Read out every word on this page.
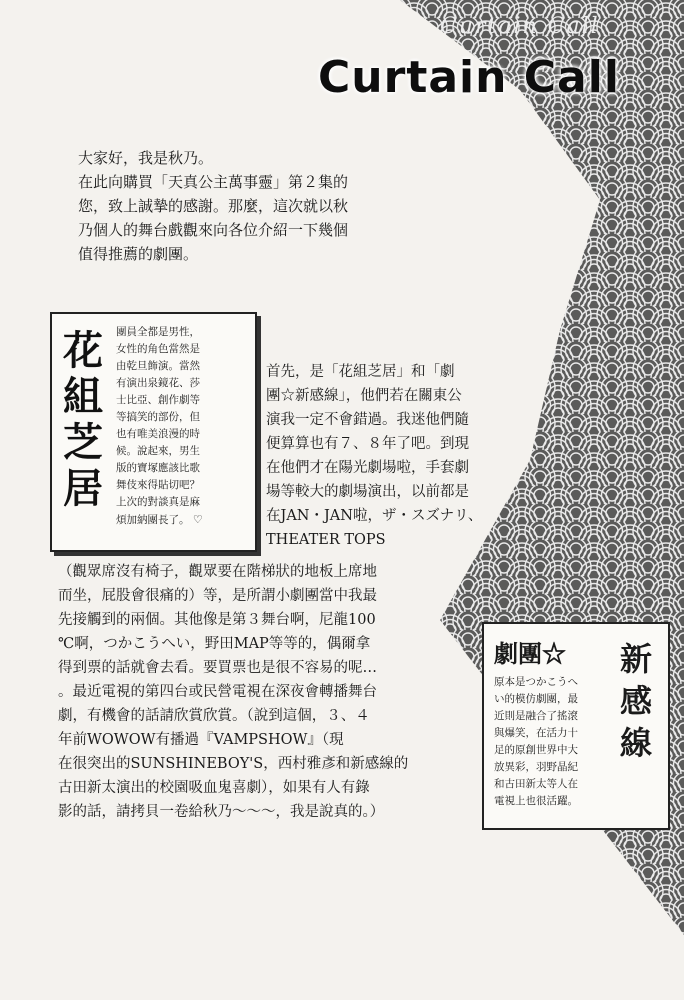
Curtain Call
Curtain Call

大家好，我是秋乃。

在此向購買「天真公主萬事靈」第２集的

您，致上誠摯的感謝。那麼，這次就以秋

乃個人的舞台戲觀來向各位介紹一下幾個

值得推薦的劇團。

花
組
芝
居
團員全都是男性，
女性的角色當然是
由乾旦飾演。當然
有演出泉鏡花、莎
士比亞、創作劇等
等搞笑的部份，但
也有唯美浪漫的時
候。說起來，男生
版的寶塚應該比歌
舞伎來得貼切吧？
上次的對談真是麻
煩加納團長了。 ♡
首先，是「花組芝居」和「劇
團☆新感線」，他們若在關東公
演我一定不會錯過。我迷他們隨
便算算也有７、８年了吧。到現
在他們才在陽光劇場啦，手套劇
場等較大的劇場演出，以前都是
在JAN・JAN啦，ザ・スズナリ、
THEATER TOPS
（觀眾席沒有椅子，觀眾要在階梯狀的地板上席地
而坐，屁股會很痛的）等，是所謂小劇團當中我最
先接觸到的兩個。其他像是第３舞台啊，尼龍100
℃啊，つかこうへい，野田MAP等等的，偶爾拿
得到票的話就會去看。要買票也是很不容易的呢…
。最近電視的第四台或民營電視在深夜會轉播舞台
劇，有機會的話請欣賞欣賞。（說到這個，３、４
年前WOWOW有播過『VAMPSHOW』（現
在很突出的SUNSHINEBOY'S，西村雅彥和新感線的
古田新太演出的校園吸血鬼喜劇），如果有人有錄
影的話，請拷貝一卷給秋乃～～～，我是說真的。）
劇團☆	新
感
線
原本是つかこうへ
い的模仿劇團，最
近則是融合了搖滾
與爆笑，在活力十
足的原創世界中大
放異彩，羽野晶紀
和古田新太等人在
電視上也很活躍。
